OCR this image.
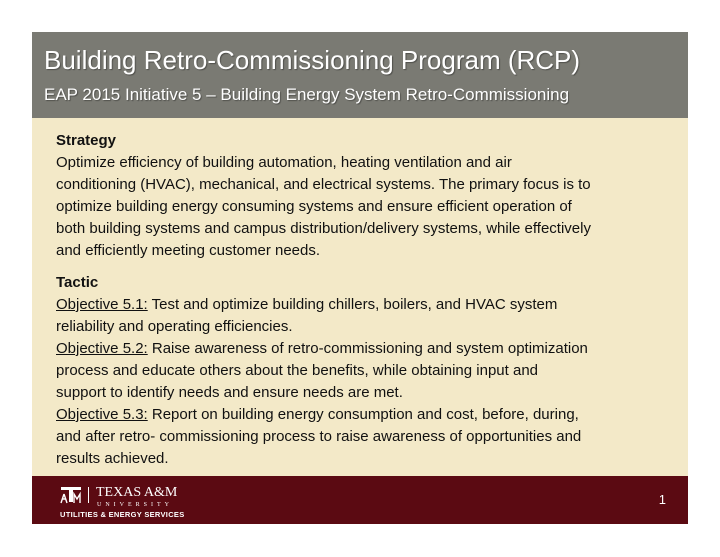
Building Retro-Commissioning Program (RCP)
EAP 2015 Initiative 5 – Building Energy System Retro-Commissioning
Strategy
Optimize efficiency of building automation, heating ventilation and air
conditioning (HVAC), mechanical, and electrical systems. The primary focus is to
optimize building energy consuming systems and ensure efficient operation of
both building systems and campus distribution/delivery systems, while effectively
and efficiently meeting customer needs.
Tactic
Objective 5.1: Test and optimize building chillers, boilers, and HVAC system
reliability and operating efficiencies.
Objective 5.2: Raise awareness of retro-commissioning and system optimization
process and educate others about the benefits, while obtaining input and
support to identify needs and ensure needs are met.
Objective 5.3: Report on building energy consumption and cost, before, during,
and after retro- commissioning process to raise awareness of opportunities and
results achieved.
TEXAS A&M
UNIVERSITY
UTILITIES & ENERGY SERVICES
1
